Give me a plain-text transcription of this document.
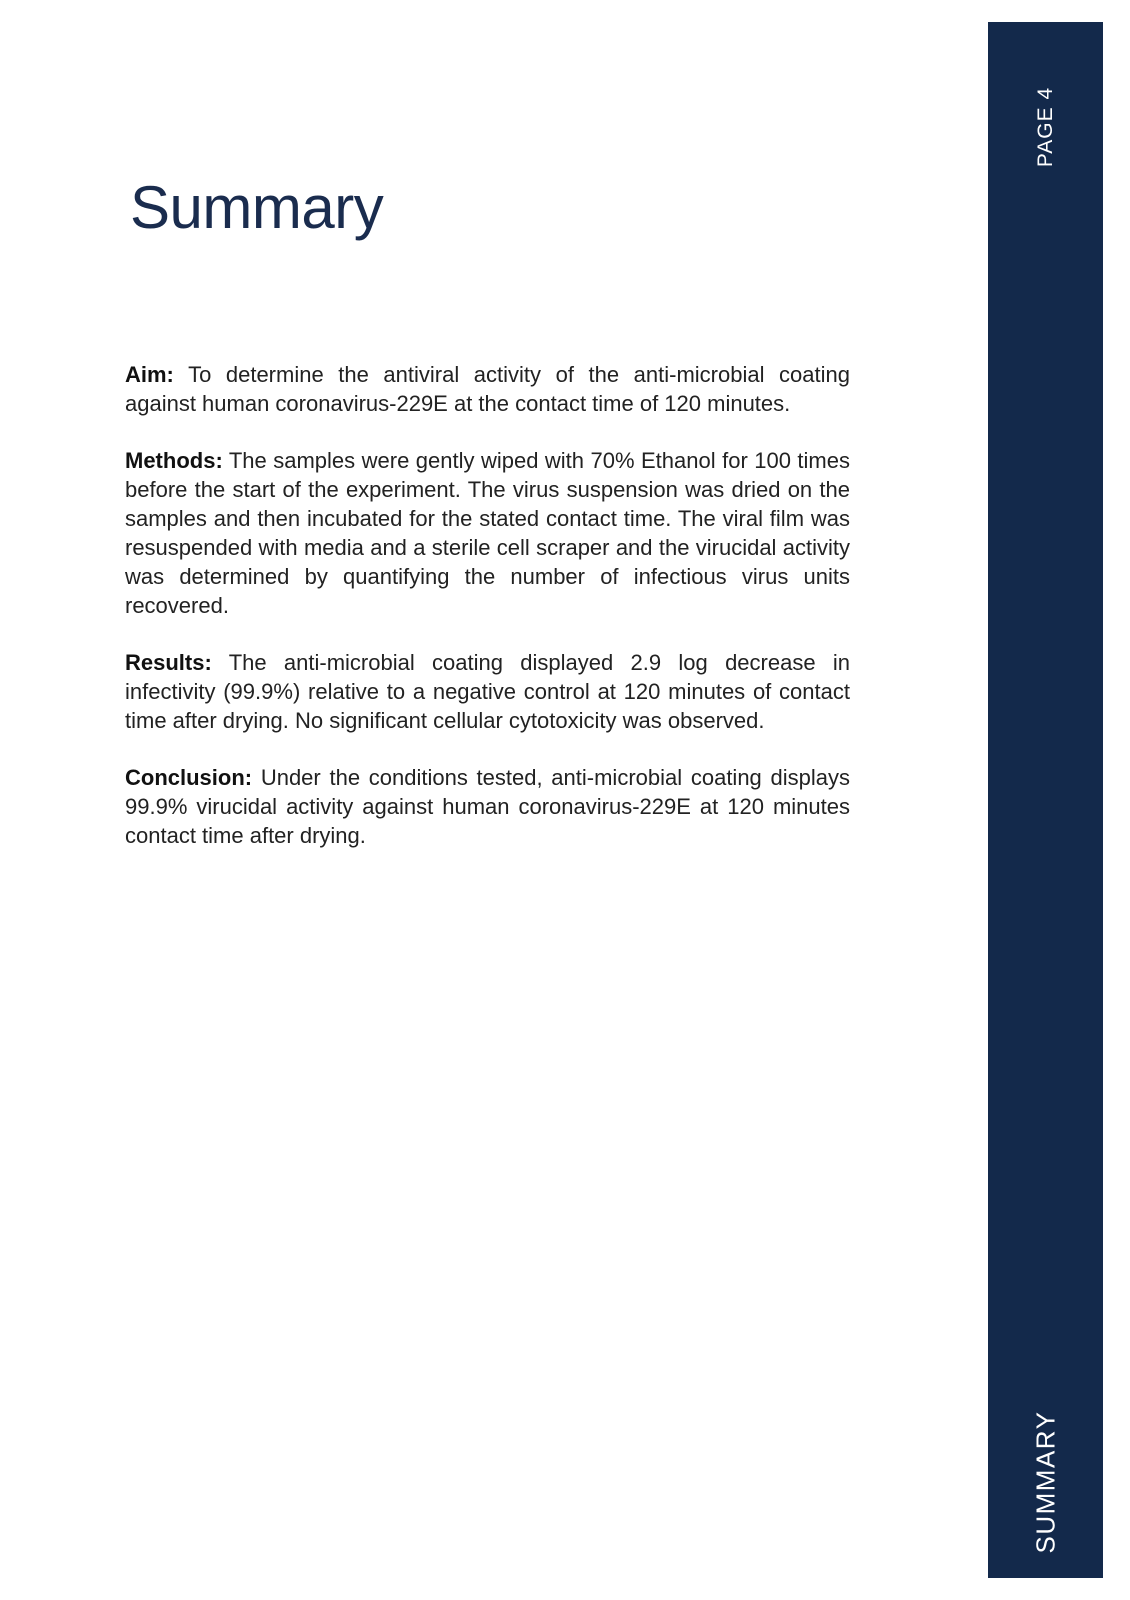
Summary

Aim: To determine the antiviral activity of the anti-microbial coating against human coronavirus-229E at the contact time of 120 minutes.

Methods: The samples were gently wiped with 70% Ethanol for 100 times before the start of the experiment. The virus suspension was dried on the samples and then incubated for the stated contact time. The viral film was resuspended with media and a sterile cell scraper and the virucidal activity was determined by quantifying the number of infectious virus units recovered.

Results: The anti-microbial coating displayed 2.9 log decrease in infectivity (99.9%) relative to a negative control at 120 minutes of contact time after drying. No significant cellular cytotoxicity was observed.

Conclusion: Under the conditions tested, anti-microbial coating displays 99.9% virucidal activity against human coronavirus-229E at 120 minutes contact time after drying.

PAGE 4
SUMMARY
